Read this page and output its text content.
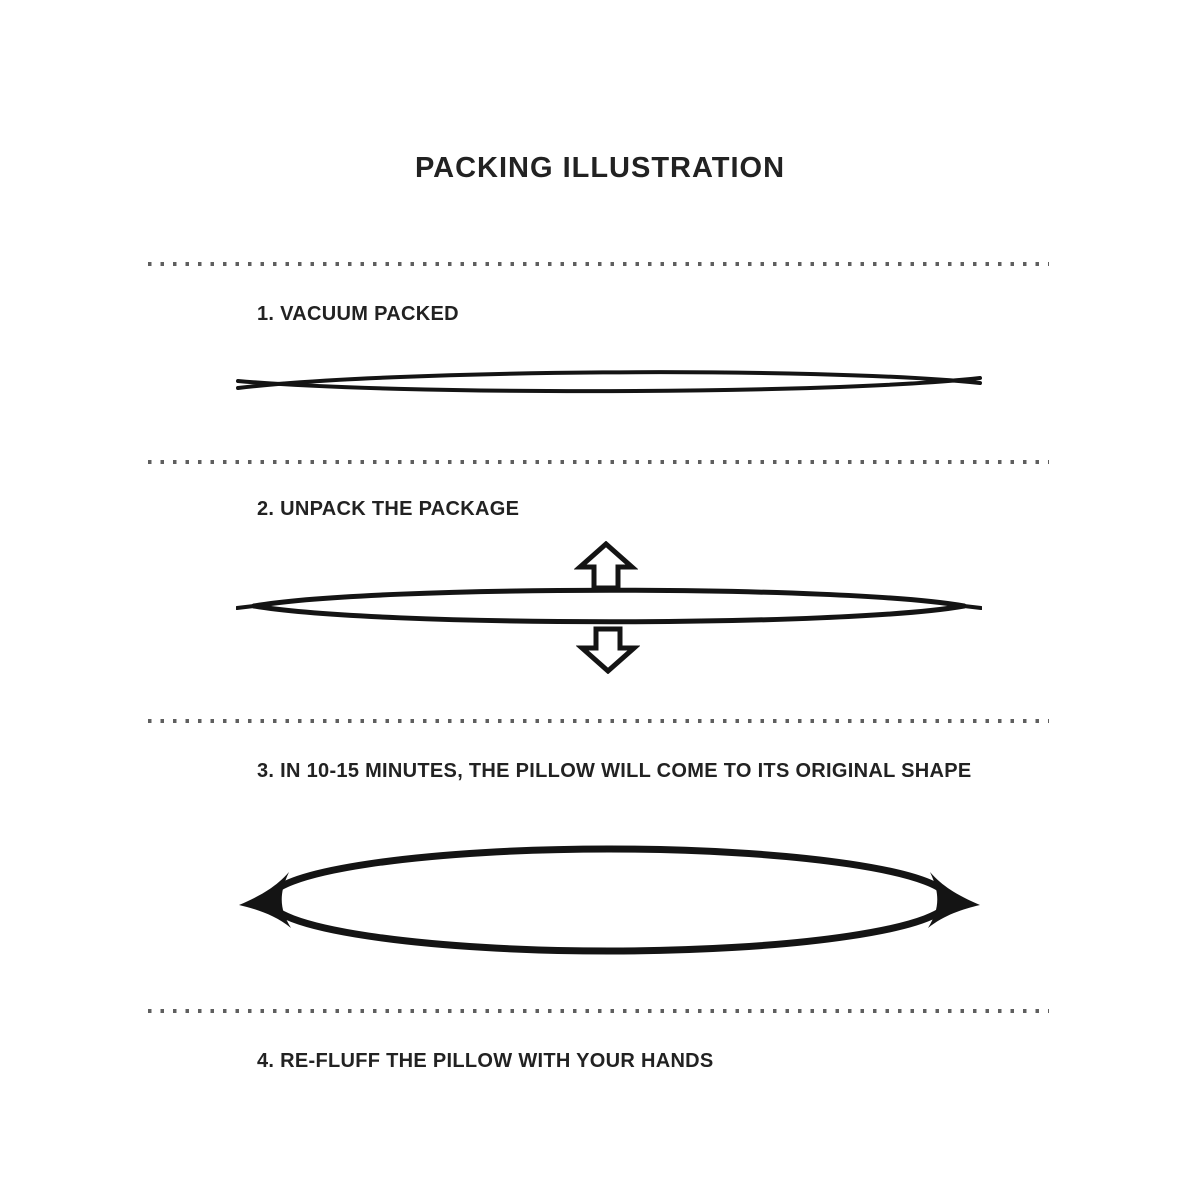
PACKING ILLUSTRATION
1. VACUUM PACKED
2. UNPACK THE PACKAGE
3. IN 10-15 MINUTES, THE PILLOW WILL COME TO ITS ORIGINAL SHAPE
4. RE-FLUFF THE PILLOW WITH YOUR HANDS
